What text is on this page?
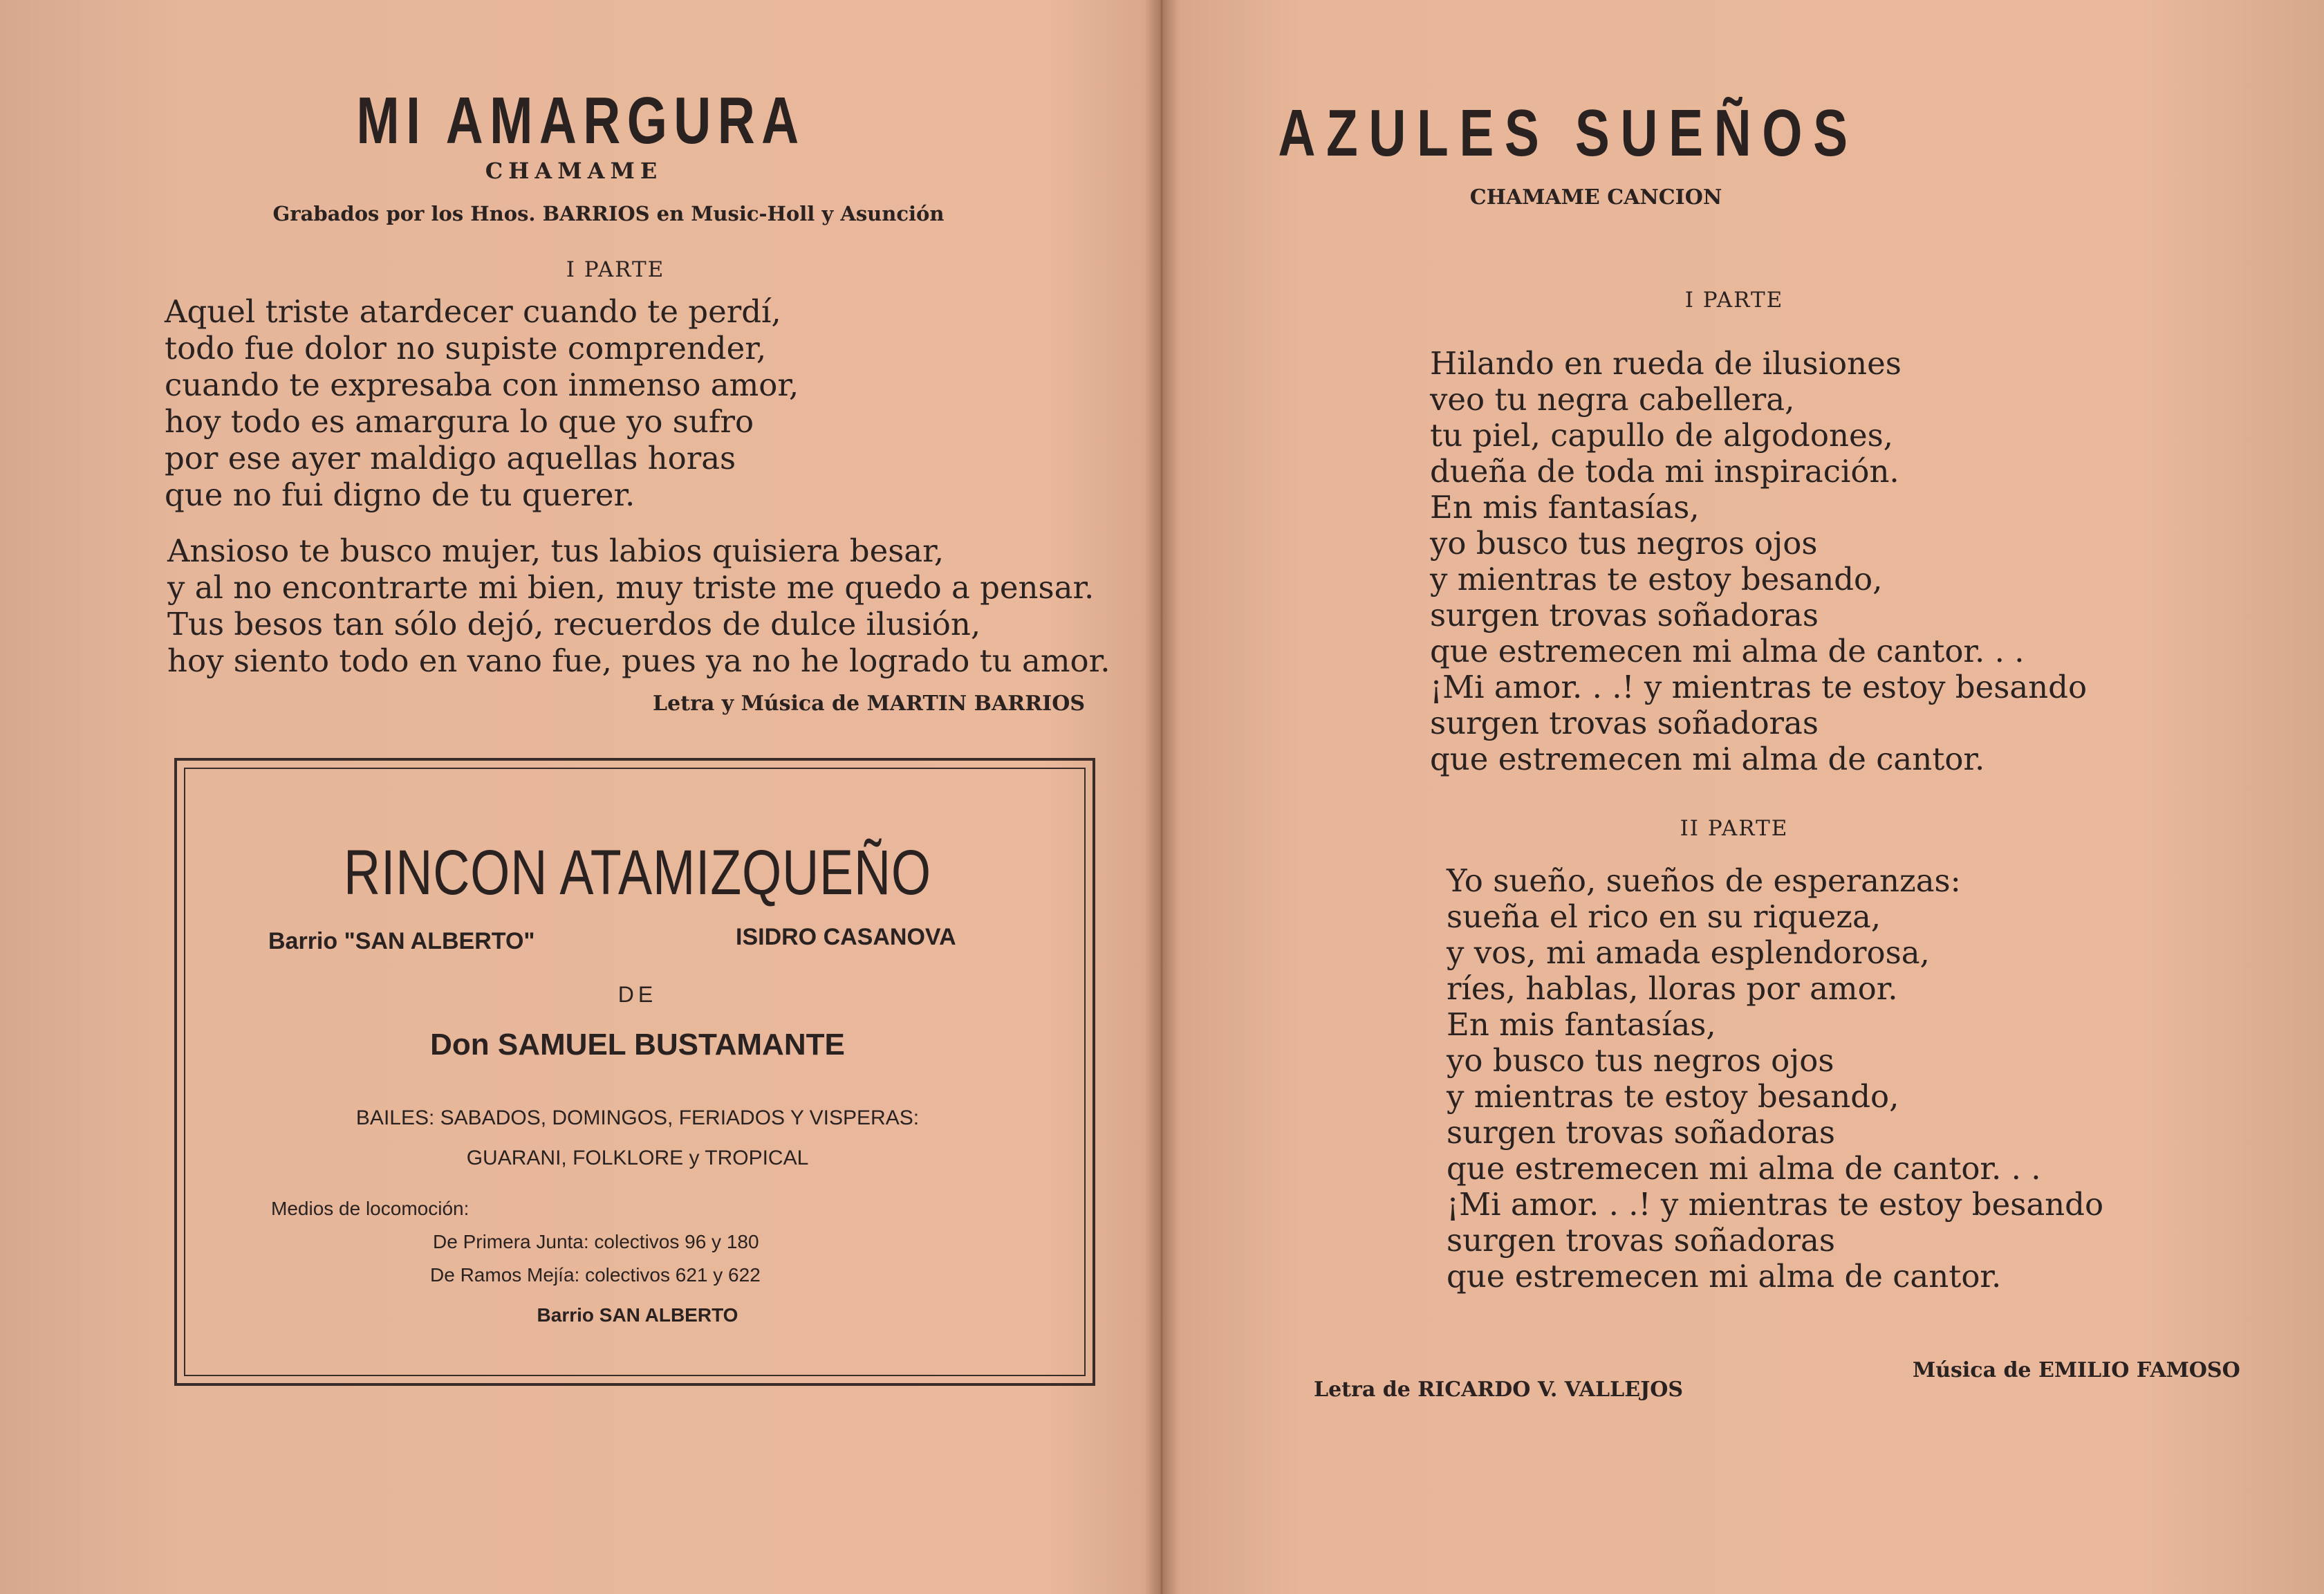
MI AMARGURA
CHAMAME
Grabados por los Hnos. BARRIOS en Music-Holl y Asunción
I PARTE
Aquel triste atardecer cuando te perdí,
todo fue dolor no supiste comprender,
cuando te expresaba con inmenso amor,
hoy todo es amargura lo que yo sufro
por ese ayer maldigo aquellas horas
que no fui digno de tu querer.
Ansioso te busco mujer, tus labios quisiera besar,
y al no encontrarte mi bien, muy triste me quedo a pensar.
Tus besos tan sólo dejó, recuerdos de dulce ilusión,
hoy siento todo en vano fue, pues ya no he logrado tu amor.
Letra y Música de MARTIN BARRIOS
RINCON ATAMIZQUEÑO
Barrio "SAN ALBERTO"	ISIDRO CASANOVA
DE
Don SAMUEL BUSTAMANTE
BAILES: SABADOS, DOMINGOS, FERIADOS Y VISPERAS:
GUARANI, FOLKLORE y TROPICAL
Medios de locomoción:
De Primera Junta: colectivos 96 y 180
De Ramos Mejía: colectivos 621 y 622
Barrio SAN ALBERTO
AZULES SUEÑOS
CHAMAME CANCION
I PARTE
Hilando en rueda de ilusiones
veo tu negra cabellera,
tu piel, capullo de algodones,
dueña de toda mi inspiración.
En mis fantasías,
yo busco tus negros ojos
y mientras te estoy besando,
surgen trovas soñadoras
que estremecen mi alma de cantor. . .
¡Mi amor. . .! y mientras te estoy besando
surgen trovas soñadoras
que estremecen mi alma de cantor.
II PARTE
Yo sueño, sueños de esperanzas:
sueña el rico en su riqueza,
y vos, mi amada esplendorosa,
ríes, hablas, lloras por amor.
En mis fantasías,
yo busco tus negros ojos
y mientras te estoy besando,
surgen trovas soñadoras
que estremecen mi alma de cantor. . .
¡Mi amor. . .! y mientras te estoy besando
surgen trovas soñadoras
que estremecen mi alma de cantor.
Letra de RICARDO V. VALLEJOS
Música de EMILIO FAMOSO
